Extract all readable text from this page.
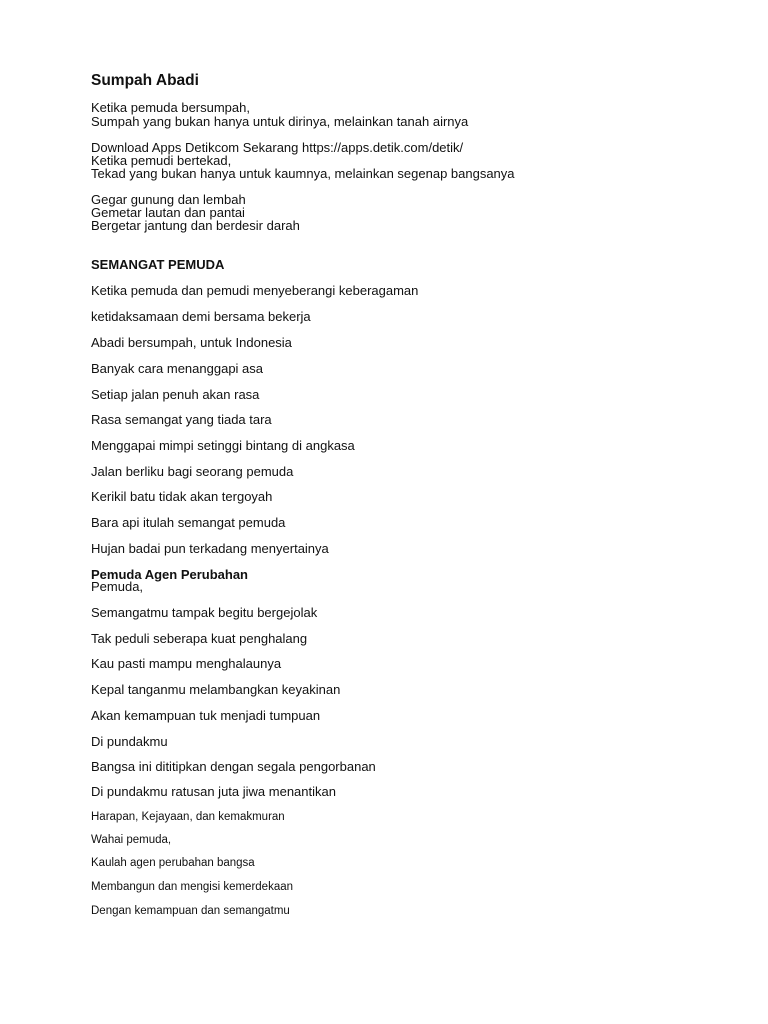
Sumpah Abadi
Ketika pemuda bersumpah,
Sumpah yang bukan hanya untuk dirinya, melainkan tanah airnya
Download Apps Detikcom Sekarang https://apps.detik.com/detik/
Ketika pemudi bertekad,
Tekad yang bukan hanya untuk kaumnya, melainkan segenap bangsanya
Gegar gunung dan lembah
Gemetar lautan dan pantai
Bergetar jantung dan berdesir darah
SEMANGAT PEMUDA
Ketika pemuda dan pemudi menyeberangi keberagaman
ketidaksamaan demi bersama bekerja
Abadi bersumpah, untuk Indonesia
Banyak cara menanggapi asa
Setiap jalan penuh akan rasa
Rasa semangat yang tiada tara
Menggapai mimpi setinggi bintang di angkasa
Jalan berliku bagi seorang pemuda
Kerikil batu tidak akan tergoyah
Bara api itulah semangat pemuda
Hujan badai pun terkadang menyertainya
Pemuda Agen Perubahan
Pemuda,
Semangatmu tampak begitu bergejolak
Tak peduli seberapa kuat penghalang
Kau pasti mampu menghalaunya
Kepal tanganmu melambangkan keyakinan
Akan kemampuan tuk menjadi tumpuan
Di pundakmu
Bangsa ini dititipkan dengan segala pengorbanan
Di pundakmu ratusan juta jiwa menantikan
Harapan, Kejayaan, dan kemakmuran
Wahai pemuda,
Kaulah agen perubahan bangsa
Membangun dan mengisi kemerdekaan
Dengan kemampuan dan semangatmu
